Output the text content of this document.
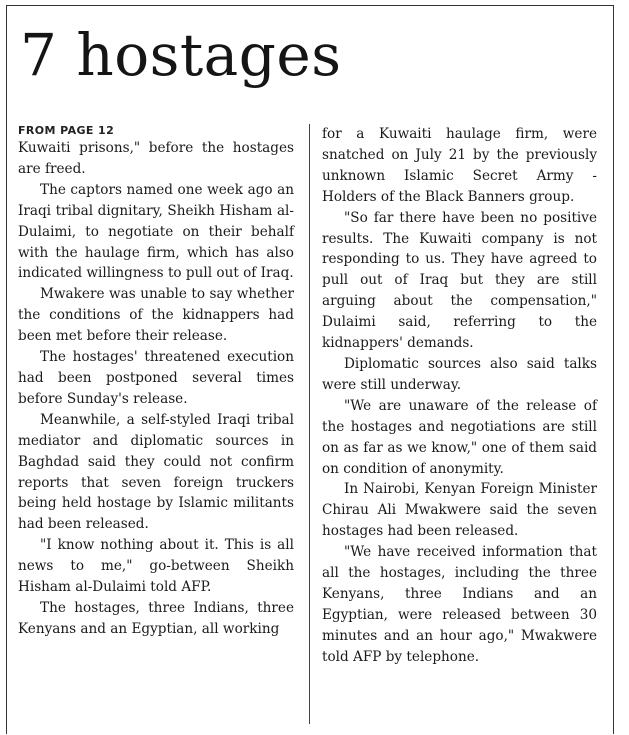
7 hostages

FROM PAGE 12

Kuwaiti prisons," before the hostages are freed.

The captors named one week ago an Iraqi tribal dignitary, Sheikh Hisham al-Dulaimi, to negotiate on their behalf with the haulage firm, which has also indicated willingness to pull out of Iraq.

Mwakere was unable to say whether the conditions of the kidnappers had been met before their release.

The hostages' threatened execution had been postponed several times before Sunday's release.

Meanwhile, a self-styled Iraqi tribal mediator and diplomatic sources in Baghdad said they could not confirm reports that seven foreign truckers being held hostage by Islamic militants had been released.

"I know nothing about it. This is all news to me," go-between Sheikh Hisham al-Dulaimi told AFP.

The hostages, three Indians, three Kenyans and an Egyptian, all working

for a Kuwaiti haulage firm, were snatched on July 21 by the previously unknown Islamic Secret Army - Holders of the Black Banners group.

"So far there have been no positive results. The Kuwaiti company is not responding to us. They have agreed to pull out of Iraq but they are still arguing about the compensation," Dulaimi said, referring to the kidnappers' demands.

Diplomatic sources also said talks were still underway.

"We are unaware of the release of the hostages and negotiations are still on as far as we know," one of them said on condition of anonymity.

In Nairobi, Kenyan Foreign Minister Chirau Ali Mwakwere said the seven hostages had been released.

"We have received information that all the hostages, including the three Kenyans, three Indians and an Egyptian, were released between 30 minutes and an hour ago," Mwakwere told AFP by telephone.
